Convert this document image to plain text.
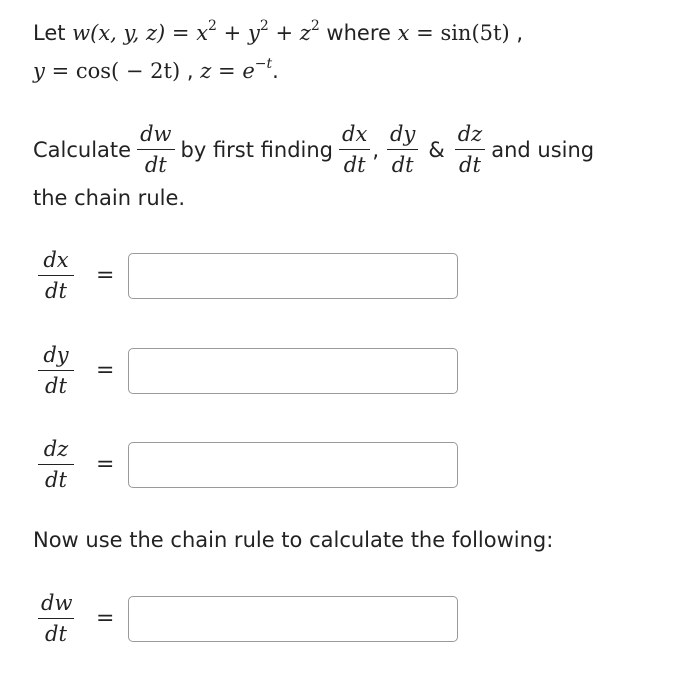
Let w(x, y, $z) = x^2 + y^2 + z^2$ where x = sin(5t) ,
y = cos( − 2t) , $z = e^{-t}$.
Calculate $\frac{dw}{dt}$ by first finding $\frac{dx}{dt}$ , $\frac{dy}{dt}$ & $\frac{dz}{dt}$ and using
the chain rule.
$\frac{dx}{dt}$ =
$\frac{dy}{dt}$ =
$\frac{dz}{dt}$ =
Now use the chain rule to calculate the following:
$\frac{dw}{dt}$ =
